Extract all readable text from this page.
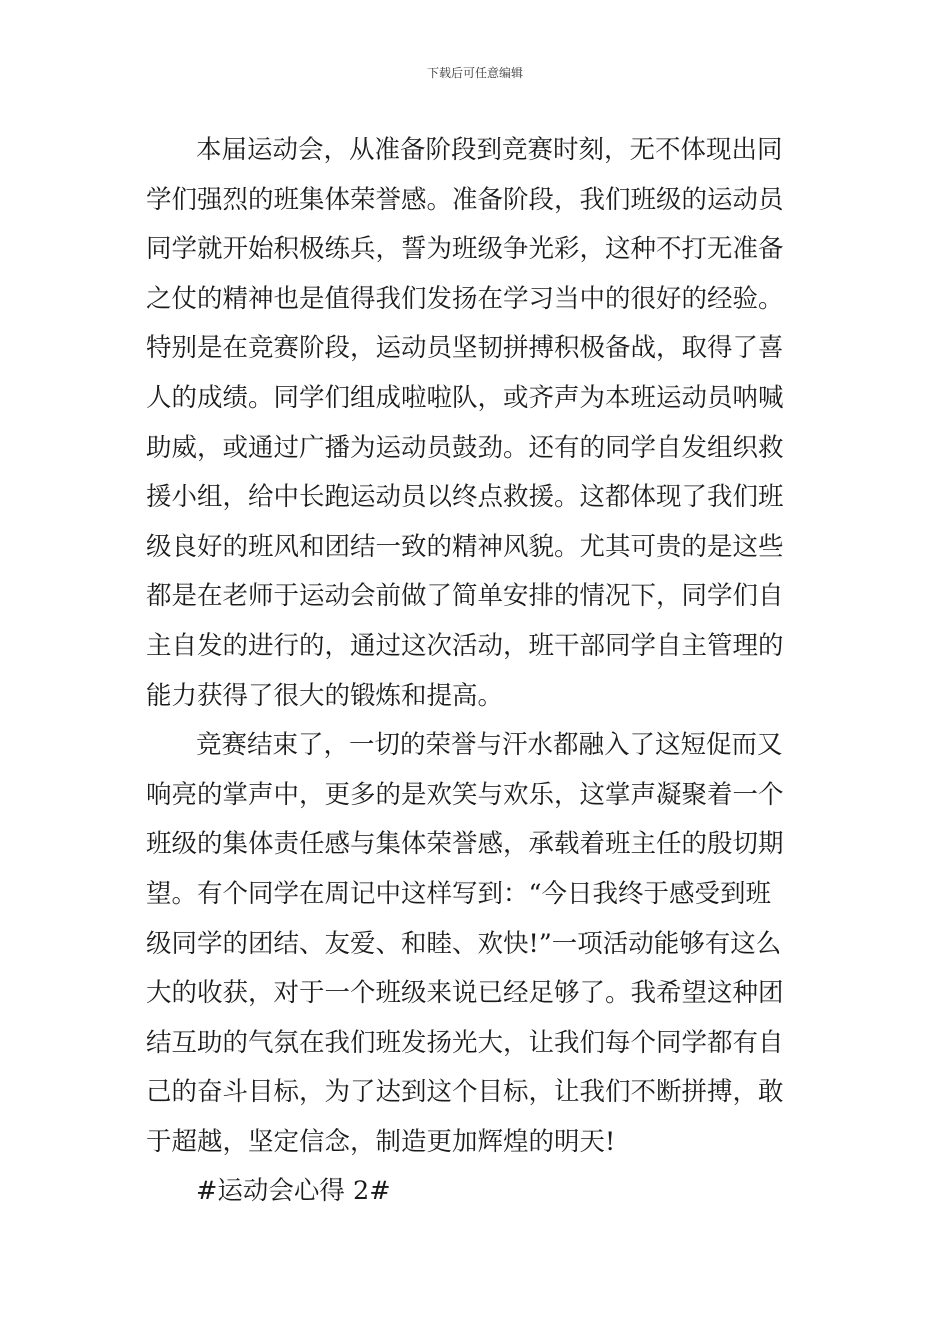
下载后可任意编辑
本届运动会，从准备阶段到竞赛时刻，无不体现出同
学们强烈的班集体荣誉感。准备阶段，我们班级的运动员
同学就开始积极练兵，誓为班级争光彩，这种不打无准备
之仗的精神也是值得我们发扬在学习当中的很好的经验。
特别是在竞赛阶段，运动员坚韧拼搏积极备战，取得了喜
人的成绩。同学们组成啦啦队，或齐声为本班运动员呐喊
助威，或通过广播为运动员鼓劲。还有的同学自发组织救
援小组，给中长跑运动员以终点救援。这都体现了我们班
级良好的班风和团结一致的精神风貌。尤其可贵的是这些
都是在老师于运动会前做了简单安排的情况下，同学们自
主自发的进行的，通过这次活动，班干部同学自主管理的
能力获得了很大的锻炼和提高。
竞赛结束了，一切的荣誉与汗水都融入了这短促而又
响亮的掌声中，更多的是欢笑与欢乐，这掌声凝聚着一个
班级的集体责任感与集体荣誉感，承载着班主任的殷切期
望。有个同学在周记中这样写到：“今日我终于感受到班
级同学的团结、友爱、和睦、欢快!”一项活动能够有这么
大的收获，对于一个班级来说已经足够了。我希望这种团
结互助的气氛在我们班发扬光大，让我们每个同学都有自
己的奋斗目标，为了达到这个目标，让我们不断拼搏，敢
于超越，坚定信念，制造更加辉煌的明天!
#运动会心得 2#
